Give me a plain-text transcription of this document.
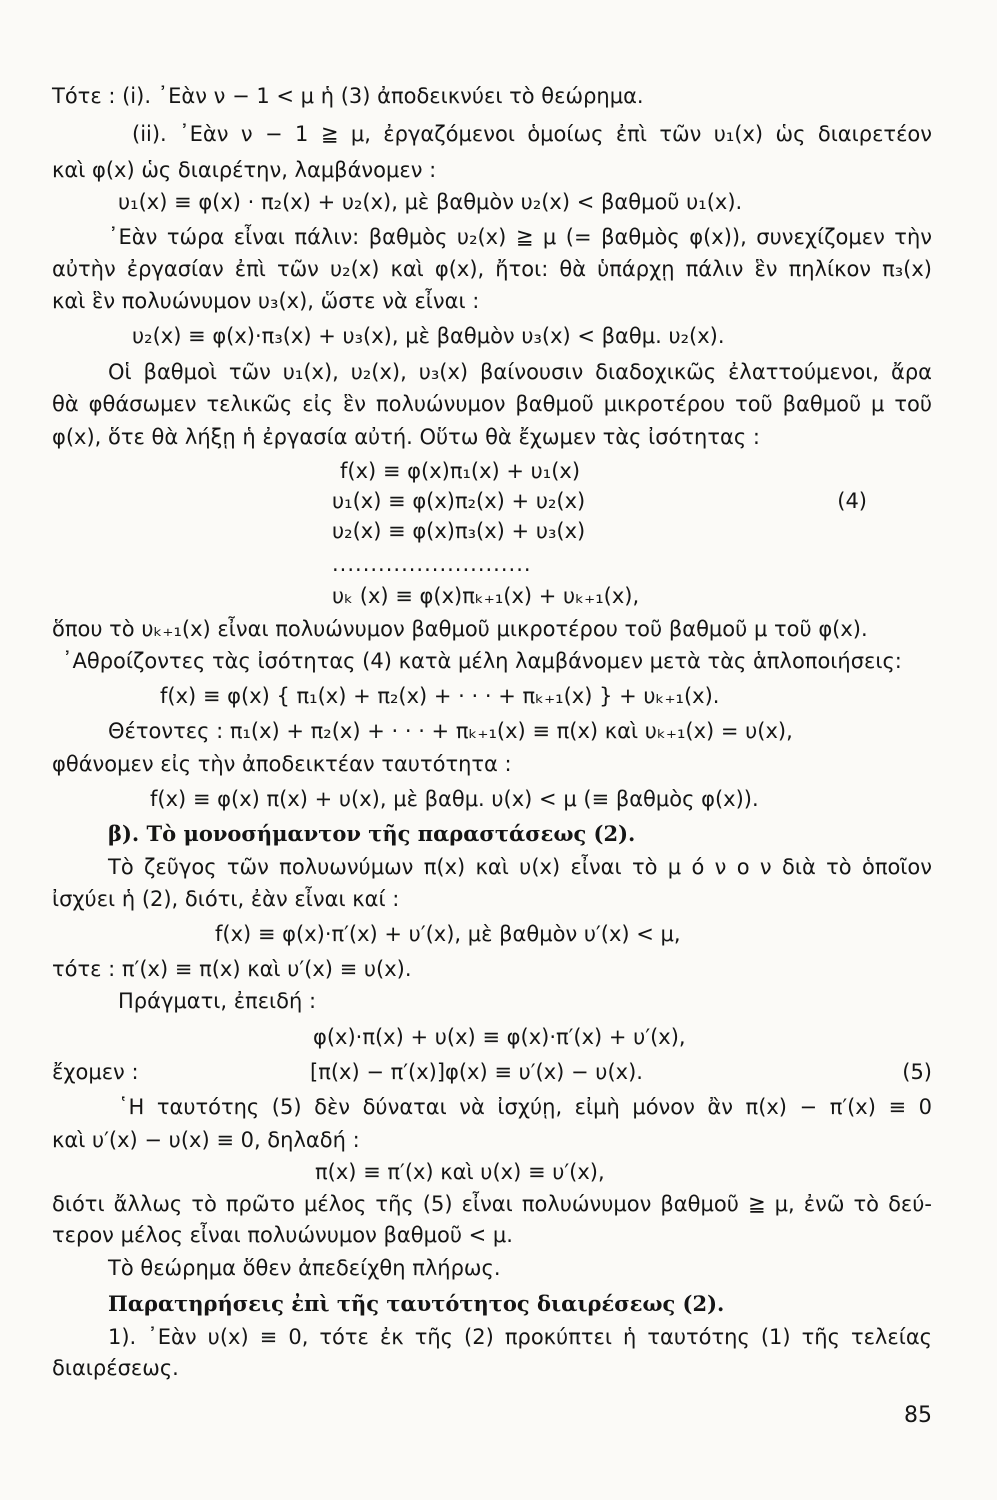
Τότε : (i). ᾿Εὰν ν − 1 < μ ἡ (3) ἀποδεικνύει τὸ θεώρημα.
(ii). ᾿Εὰν ν − 1 ≧ μ, ἐργαζόμενοι ὁμοίως ἐπὶ τῶν υ₁(x) ὡς διαιρετέον
καὶ φ(x) ὡς διαιρέτην, λαμβάνομεν :
υ₁(x) ≡ φ(x) · π₂(x) + υ₂(x), μὲ βαθμὸν υ₂(x) < βαθμοῦ υ₁(x).
᾿Εὰν τώρα εἶναι πάλιν: βαθμὸς υ₂(x) ≧ μ (= βαθμὸς φ(x)), συνεχίζομεν τὴν
αὐτὴν ἐργασίαν ἐπὶ τῶν υ₂(x) καὶ φ(x), ἤτοι: θὰ ὑπάρχῃ πάλιν ἓν πηλίκον π₃(x)
καὶ ἓν πολυώνυμον υ₃(x), ὥστε νὰ εἶναι :
υ₂(x) ≡ φ(x)·π₃(x) + υ₃(x), μὲ βαθμὸν υ₃(x) < βαθμ. υ₂(x).
Οἱ βαθμοὶ τῶν υ₁(x), υ₂(x), υ₃(x) βαίνουσιν διαδοχικῶς ἐλαττούμενοι, ἄρα
θὰ φθάσωμεν τελικῶς εἰς ἓν πολυώνυμον βαθμοῦ μικροτέρου τοῦ βαθμοῦ μ τοῦ
φ(x), ὅτε θὰ λήξῃ ἡ ἐργασία αὐτή. Οὕτω θὰ ἔχωμεν τὰς ἰσότητας :
f(x) ≡ φ(x)π₁(x) + υ₁(x)
υ₁(x) ≡ φ(x)π₂(x) + υ₂(x)	(4)
υ₂(x) ≡ φ(x)π₃(x) + υ₃(x)
..........................
υₖ (x) ≡ φ(x)πₖ₊₁(x) + υₖ₊₁(x),
ὅπου τὸ υₖ₊₁(x) εἶναι πολυώνυμον βαθμοῦ μικροτέρου τοῦ βαθμοῦ μ τοῦ φ(x).
᾿Αθροίζοντες τὰς ἰσότητας (4) κατὰ μέλη λαμβάνομεν μετὰ τὰς ἁπλοποιήσεις:
f(x) ≡ φ(x) { π₁(x) + π₂(x) + · · · + πₖ₊₁(x) } + υₖ₊₁(x).
Θέτοντες : π₁(x) + π₂(x) + · · · + πₖ₊₁(x) ≡ π(x) καὶ υₖ₊₁(x) = υ(x),
φθάνομεν εἰς τὴν ἀποδεικτέαν ταυτότητα :
f(x) ≡ φ(x) π(x) + υ(x), μὲ βαθμ. υ(x) < μ (≡ βαθμὸς φ(x)).
β). Τὸ μονοσήμαντον τῆς παραστάσεως (2).
Τὸ ζεῦγος τῶν πολυωνύμων π(x) καὶ υ(x) εἶναι τὸ μ ό ν ο ν διὰ τὸ ὁποῖον
ἰσχύει ἡ (2), διότι, ἐὰν εἶναι καί :
f(x) ≡ φ(x)·π′(x) + υ′(x), μὲ βαθμὸν υ′(x) < μ,
τότε : π′(x) ≡ π(x) καὶ υ′(x) ≡ υ(x).
Πράγματι, ἐπειδή :
φ(x)·π(x) + υ(x) ≡ φ(x)·π′(x) + υ′(x),
ἔχομεν :	[π(x) − π′(x)]φ(x) ≡ υ′(x) − υ(x).	(5)
῾Η ταυτότης (5) δὲν δύναται νὰ ἰσχύῃ, εἰμὴ μόνον ἂν π(x) − π′(x) ≡ 0
καὶ υ′(x) − υ(x) ≡ 0, δηλαδή :
π(x) ≡ π′(x) καὶ υ(x) ≡ υ′(x),
διότι ἄλλως τὸ πρῶτο μέλος τῆς (5) εἶναι πολυώνυμον βαθμοῦ ≧ μ, ἐνῶ τὸ δεύ-
τερον μέλος εἶναι πολυώνυμον βαθμοῦ < μ.
Τὸ θεώρημα ὅθεν ἀπεδείχθη πλήρως.
Παρατηρήσεις ἐπὶ τῆς ταυτότητος διαιρέσεως (2).
1). ᾿Εὰν υ(x) ≡ 0, τότε ἐκ τῆς (2) προκύπτει ἡ ταυτότης (1) τῆς τελείας
διαιρέσεως.
85
